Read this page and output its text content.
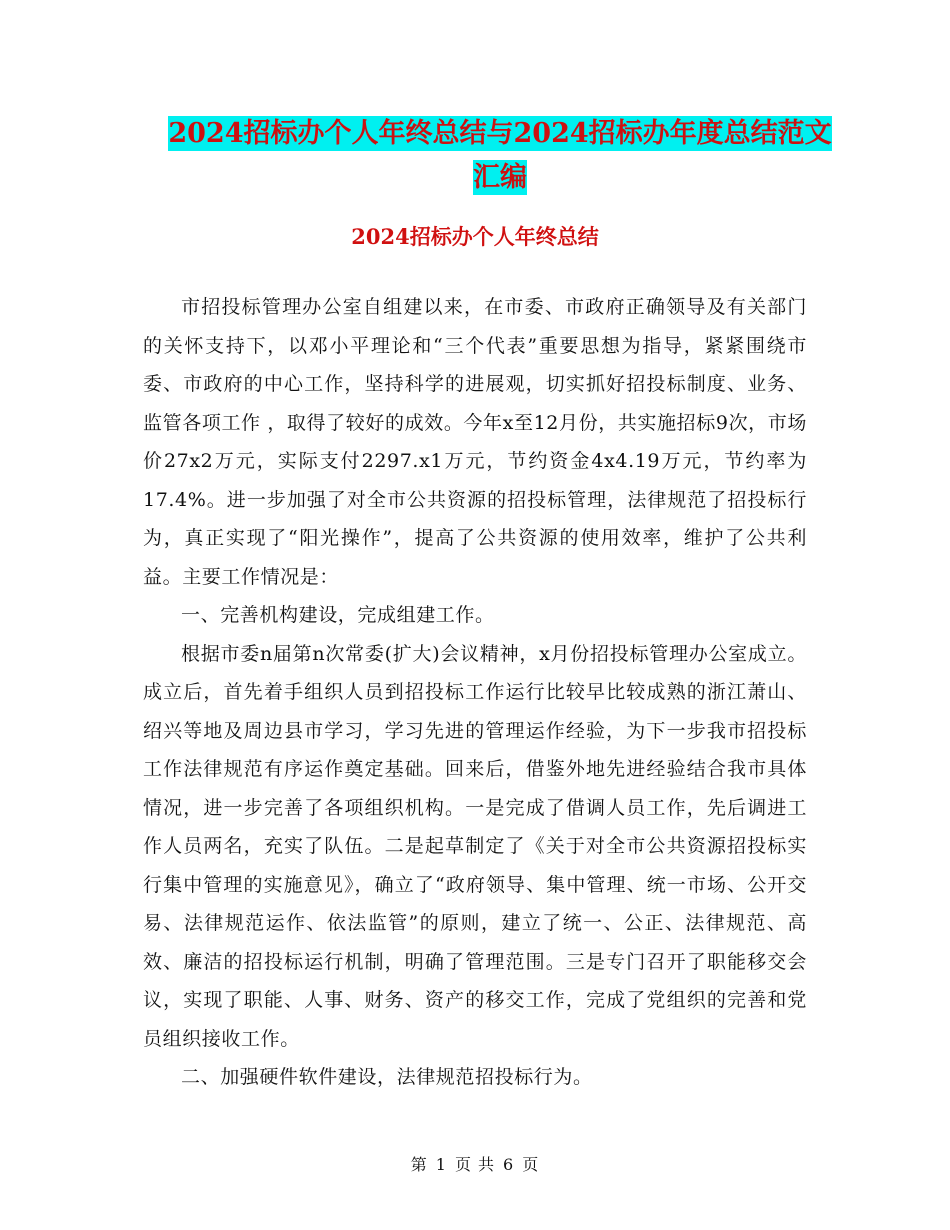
2024招标办个人年终总结与2024招标办年度总结范文
汇编
2024招标办个人年终总结

市招投标管理办公室自组建以来，在市委、市政府正确领导及有关部门的关怀支持下，以邓小平理论和“三个代表”重要思想为指导，紧紧围绕市委、市政府的中心工作，坚持科学的进展观，切实抓好招投标制度、业务、监管各项工作 ，取得了较好的成效。今年x至12月份，共实施招标9次，市场价27x2万元，实际支付2297.x1万元，节约资金4x4.19万元，节约率为17.4%。进一步加强了对全市公共资源的招投标管理，法律规范了招投标行为，真正实现了“阳光操作”，提高了公共资源的使用效率，维护了公共利益。主要工作情况是：

一、完善机构建设，完成组建工作。

根据市委n届第n次常委(扩大)会议精神，x月份招投标管理办公室成立。成立后，首先着手组织人员到招投标工作运行比较早比较成熟的浙江萧山、绍兴等地及周边县市学习，学习先进的管理运作经验，为下一步我市招投标工作法律规范有序运作奠定基础。回来后，借鉴外地先进经验结合我市具体情况，进一步完善了各项组织机构。一是完成了借调人员工作，先后调进工作人员两名，充实了队伍。二是起草制定了《关于对全市公共资源招投标实行集中管理的实施意见》，确立了“政府领导、集中管理、统一市场、公开交易、法律规范运作、依法监管”的原则，建立了统一、公正、法律规范、高效、廉洁的招投标运行机制，明确了管理范围。三是专门召开了职能移交会议，实现了职能、人事、财务、资产的移交工作，完成了党组织的完善和党员组织接收工作。

二、加强硬件软件建设，法律规范招投标行为。

第 1 页 共 6 页
